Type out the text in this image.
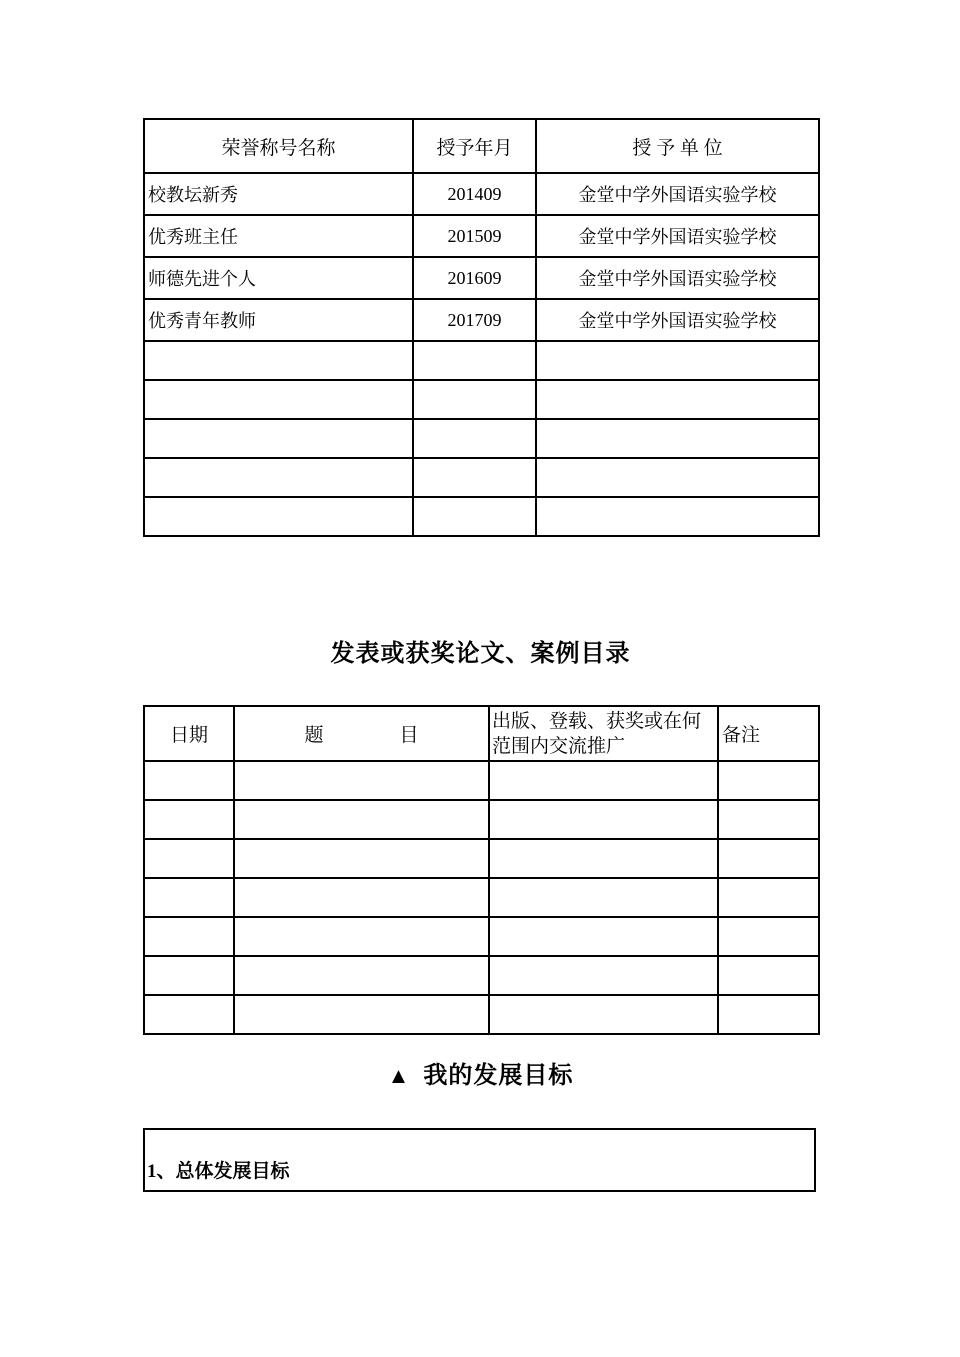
荣誉称号名称	授予年月	授 予 单 位
校教坛新秀	201409	金堂中学外国语实验学校
优秀班主任	201509	金堂中学外国语实验学校
师德先进个人	201609	金堂中学外国语实验学校
优秀青年教师	201709	金堂中学外国语实验学校

发表或获奖论文、案例目录
日期	题　　　　目	出版、登载、获奖或在何范围内交流推广	备注

▲ 我的发展目标
1、总体发展目标
